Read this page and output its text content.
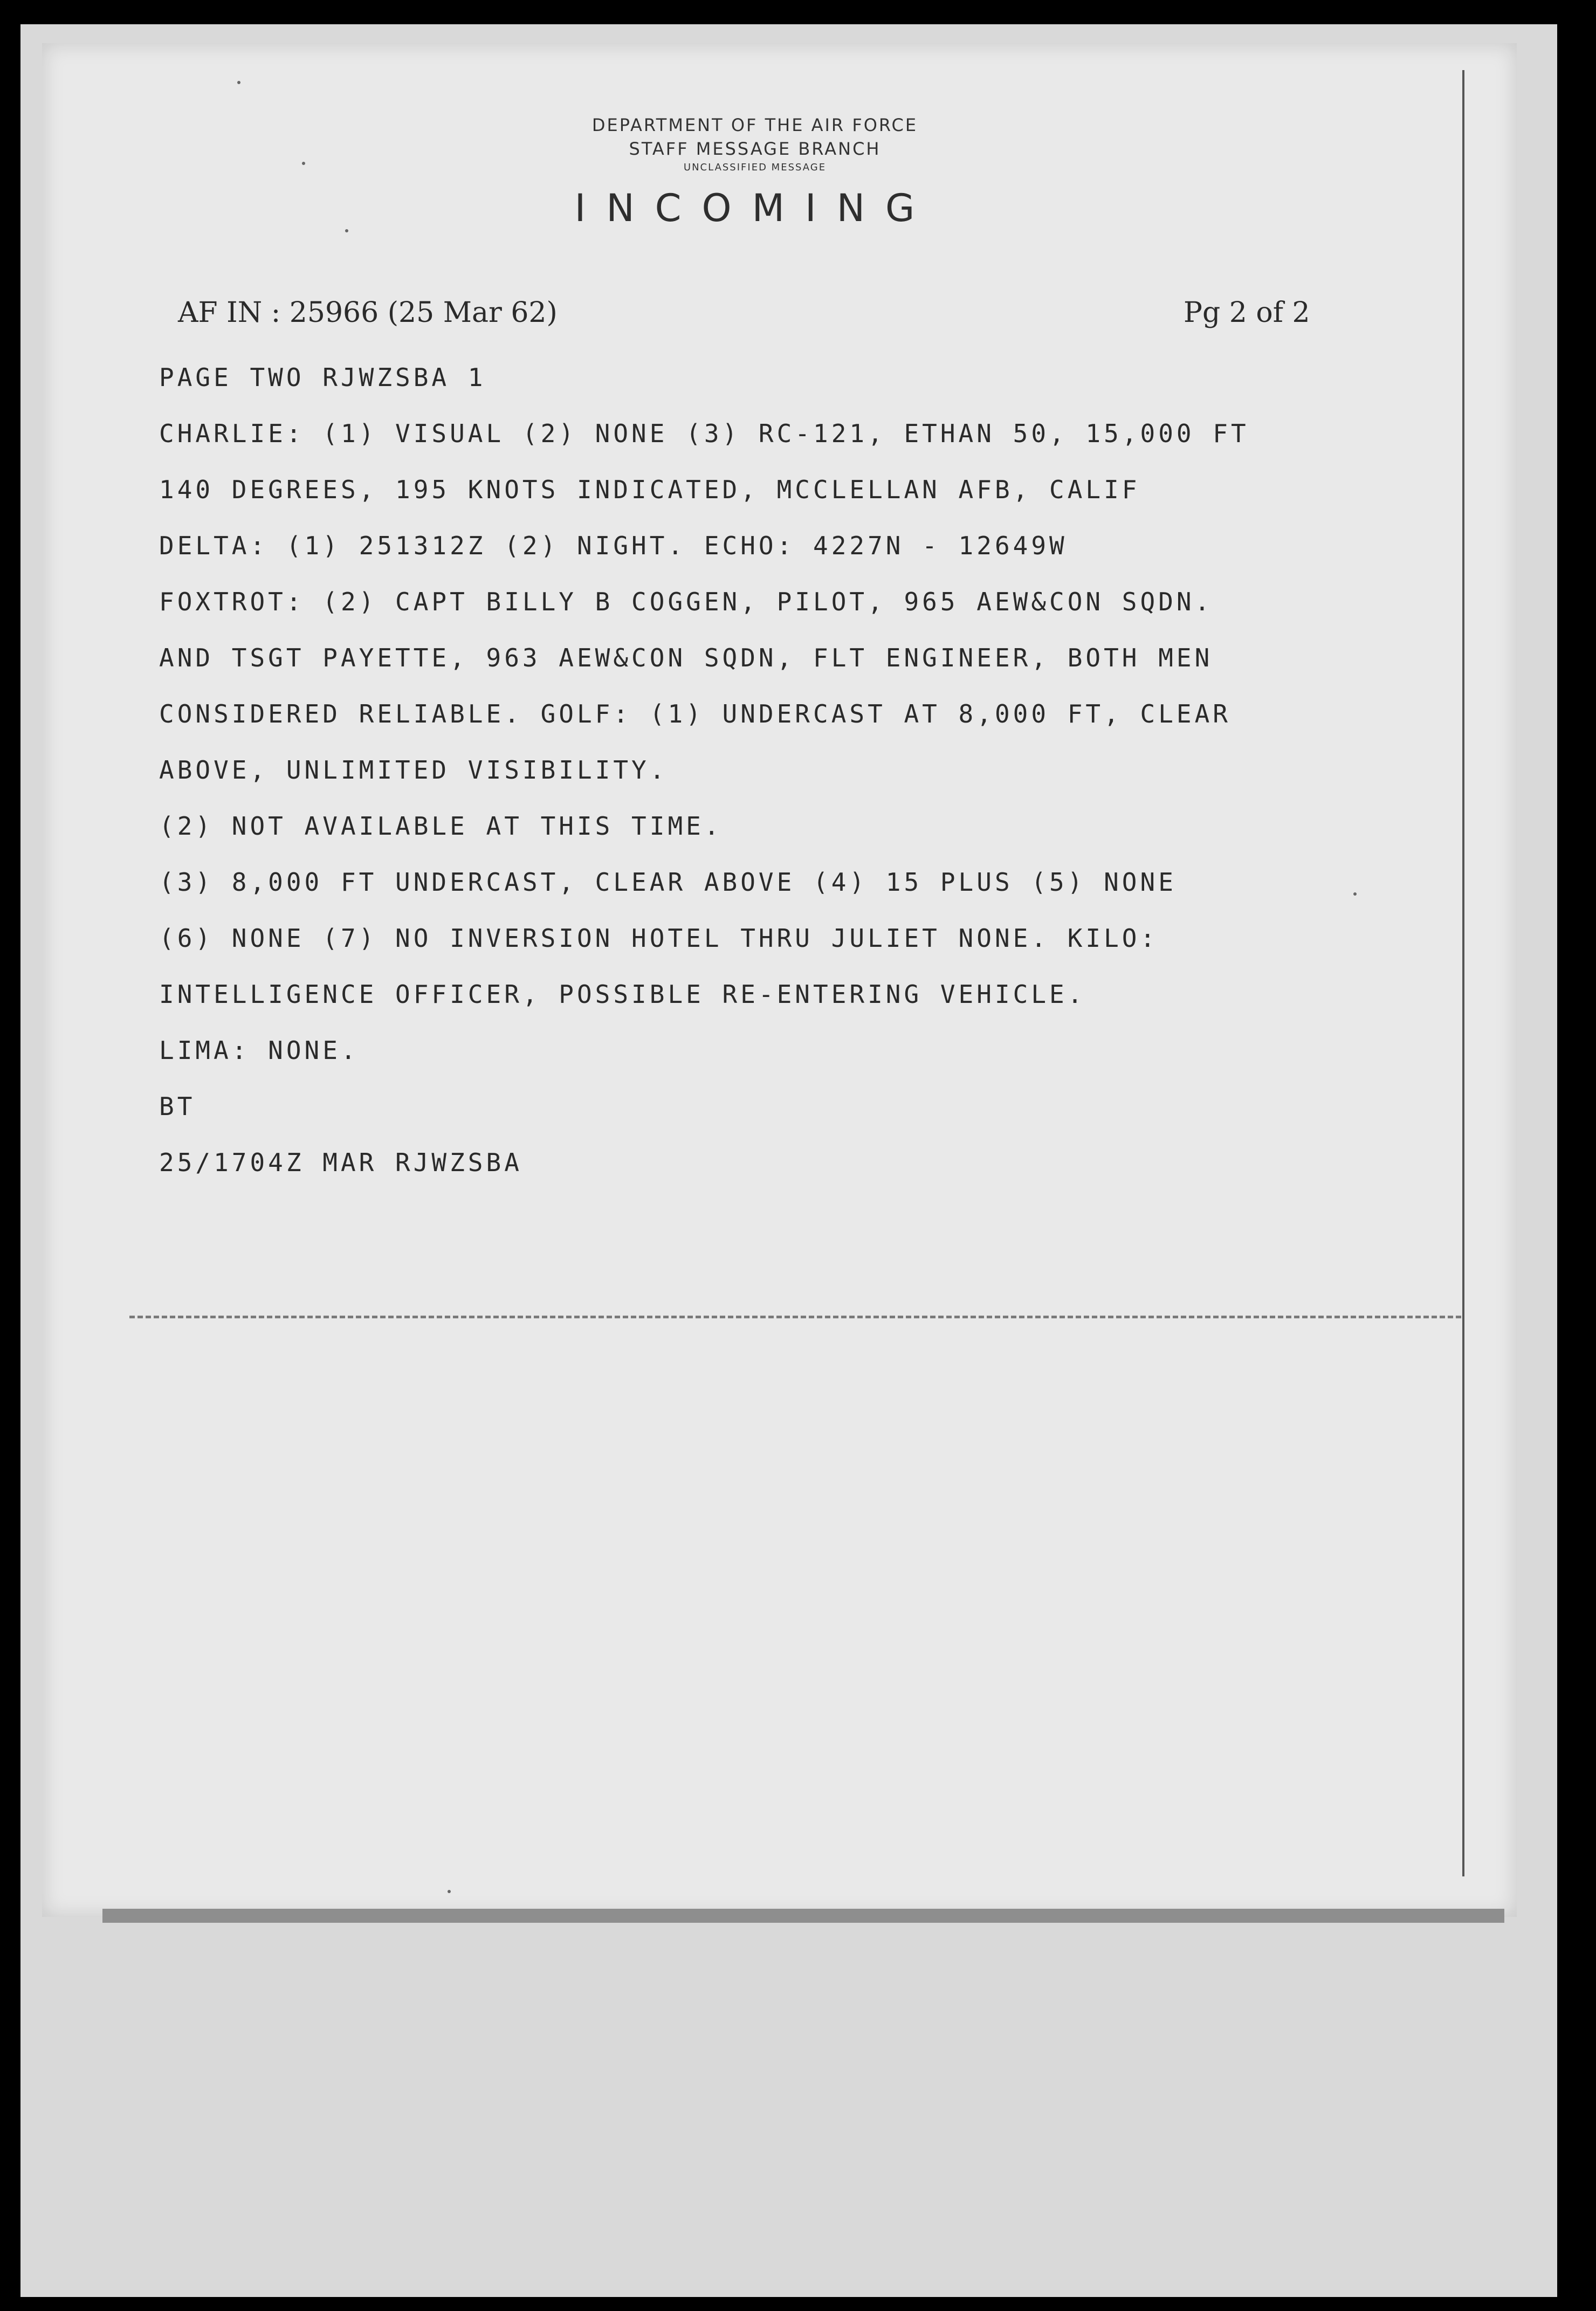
DEPARTMENT OF THE AIR FORCE
STAFF MESSAGE BRANCH
UNCLASSIFIED MESSAGE
INCOMING
AF IN : 25966 (25 Mar 62)	Pg 2 of 2
PAGE TWO RJWZSBA 1
CHARLIE: (1) VISUAL (2) NONE (3) RC-121, ETHAN 50, 15,000 FT
140 DEGREES, 195 KNOTS INDICATED, MCCLELLAN AFB, CALIF
DELTA: (1) 251312Z (2) NIGHT. ECHO: 4227N - 12649W
FOXTROT: (2) CAPT BILLY B COGGEN, PILOT, 965 AEW&CON SQDN.
AND TSGT PAYETTE, 963 AEW&CON SQDN, FLT ENGINEER, BOTH MEN
CONSIDERED RELIABLE. GOLF: (1) UNDERCAST AT 8,000 FT, CLEAR
ABOVE, UNLIMITED VISIBILITY.
(2) NOT AVAILABLE AT THIS TIME.
(3) 8,000 FT UNDERCAST, CLEAR ABOVE (4) 15 PLUS (5) NONE
(6) NONE (7) NO INVERSION HOTEL THRU JULIET NONE. KILO:
INTELLIGENCE OFFICER, POSSIBLE RE-ENTERING VEHICLE.
LIMA: NONE.
BT
25/1704Z MAR RJWZSBA
